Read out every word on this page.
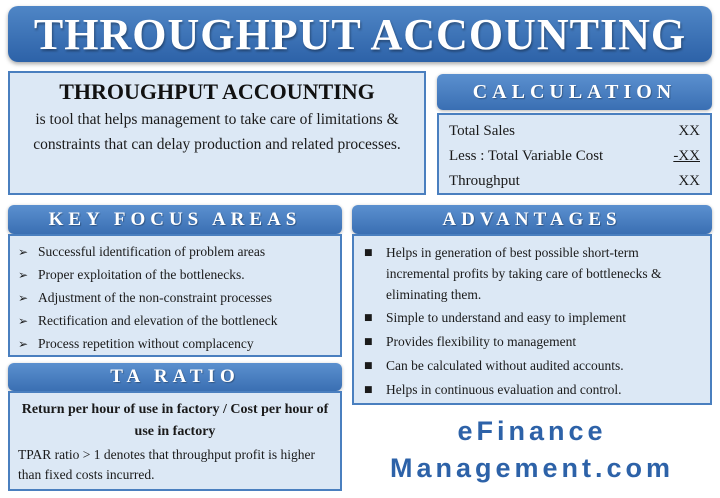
THROUGHPUT ACCOUNTING
THROUGHPUT ACCOUNTING
is tool that helps management to take care of limitations & constraints that can delay production and related processes.
CALCULATION
Total Sales	XX
Less : Total Variable Cost	-XX
Throughput	XX
KEY FOCUS AREAS
➢ Successful identification of problem areas
➢ Proper exploitation of the bottlenecks.
➢ Adjustment of the non-constraint processes
➢ Rectification and elevation of the bottleneck
➢ Process repetition without complacency
TA RATIO
Return per hour of use in factory / Cost per hour of use in factory
TPAR ratio > 1 denotes that throughput profit is higher than fixed costs incurred.
ADVANTAGES
■ Helps in generation of best possible short-term incremental profits by taking care of bottlenecks & eliminating them.
■ Simple to understand and easy to implement
■ Provides flexibility to management
■ Can be calculated without audited accounts.
■ Helps in continuous evaluation and control.
eFinance
Management.com
